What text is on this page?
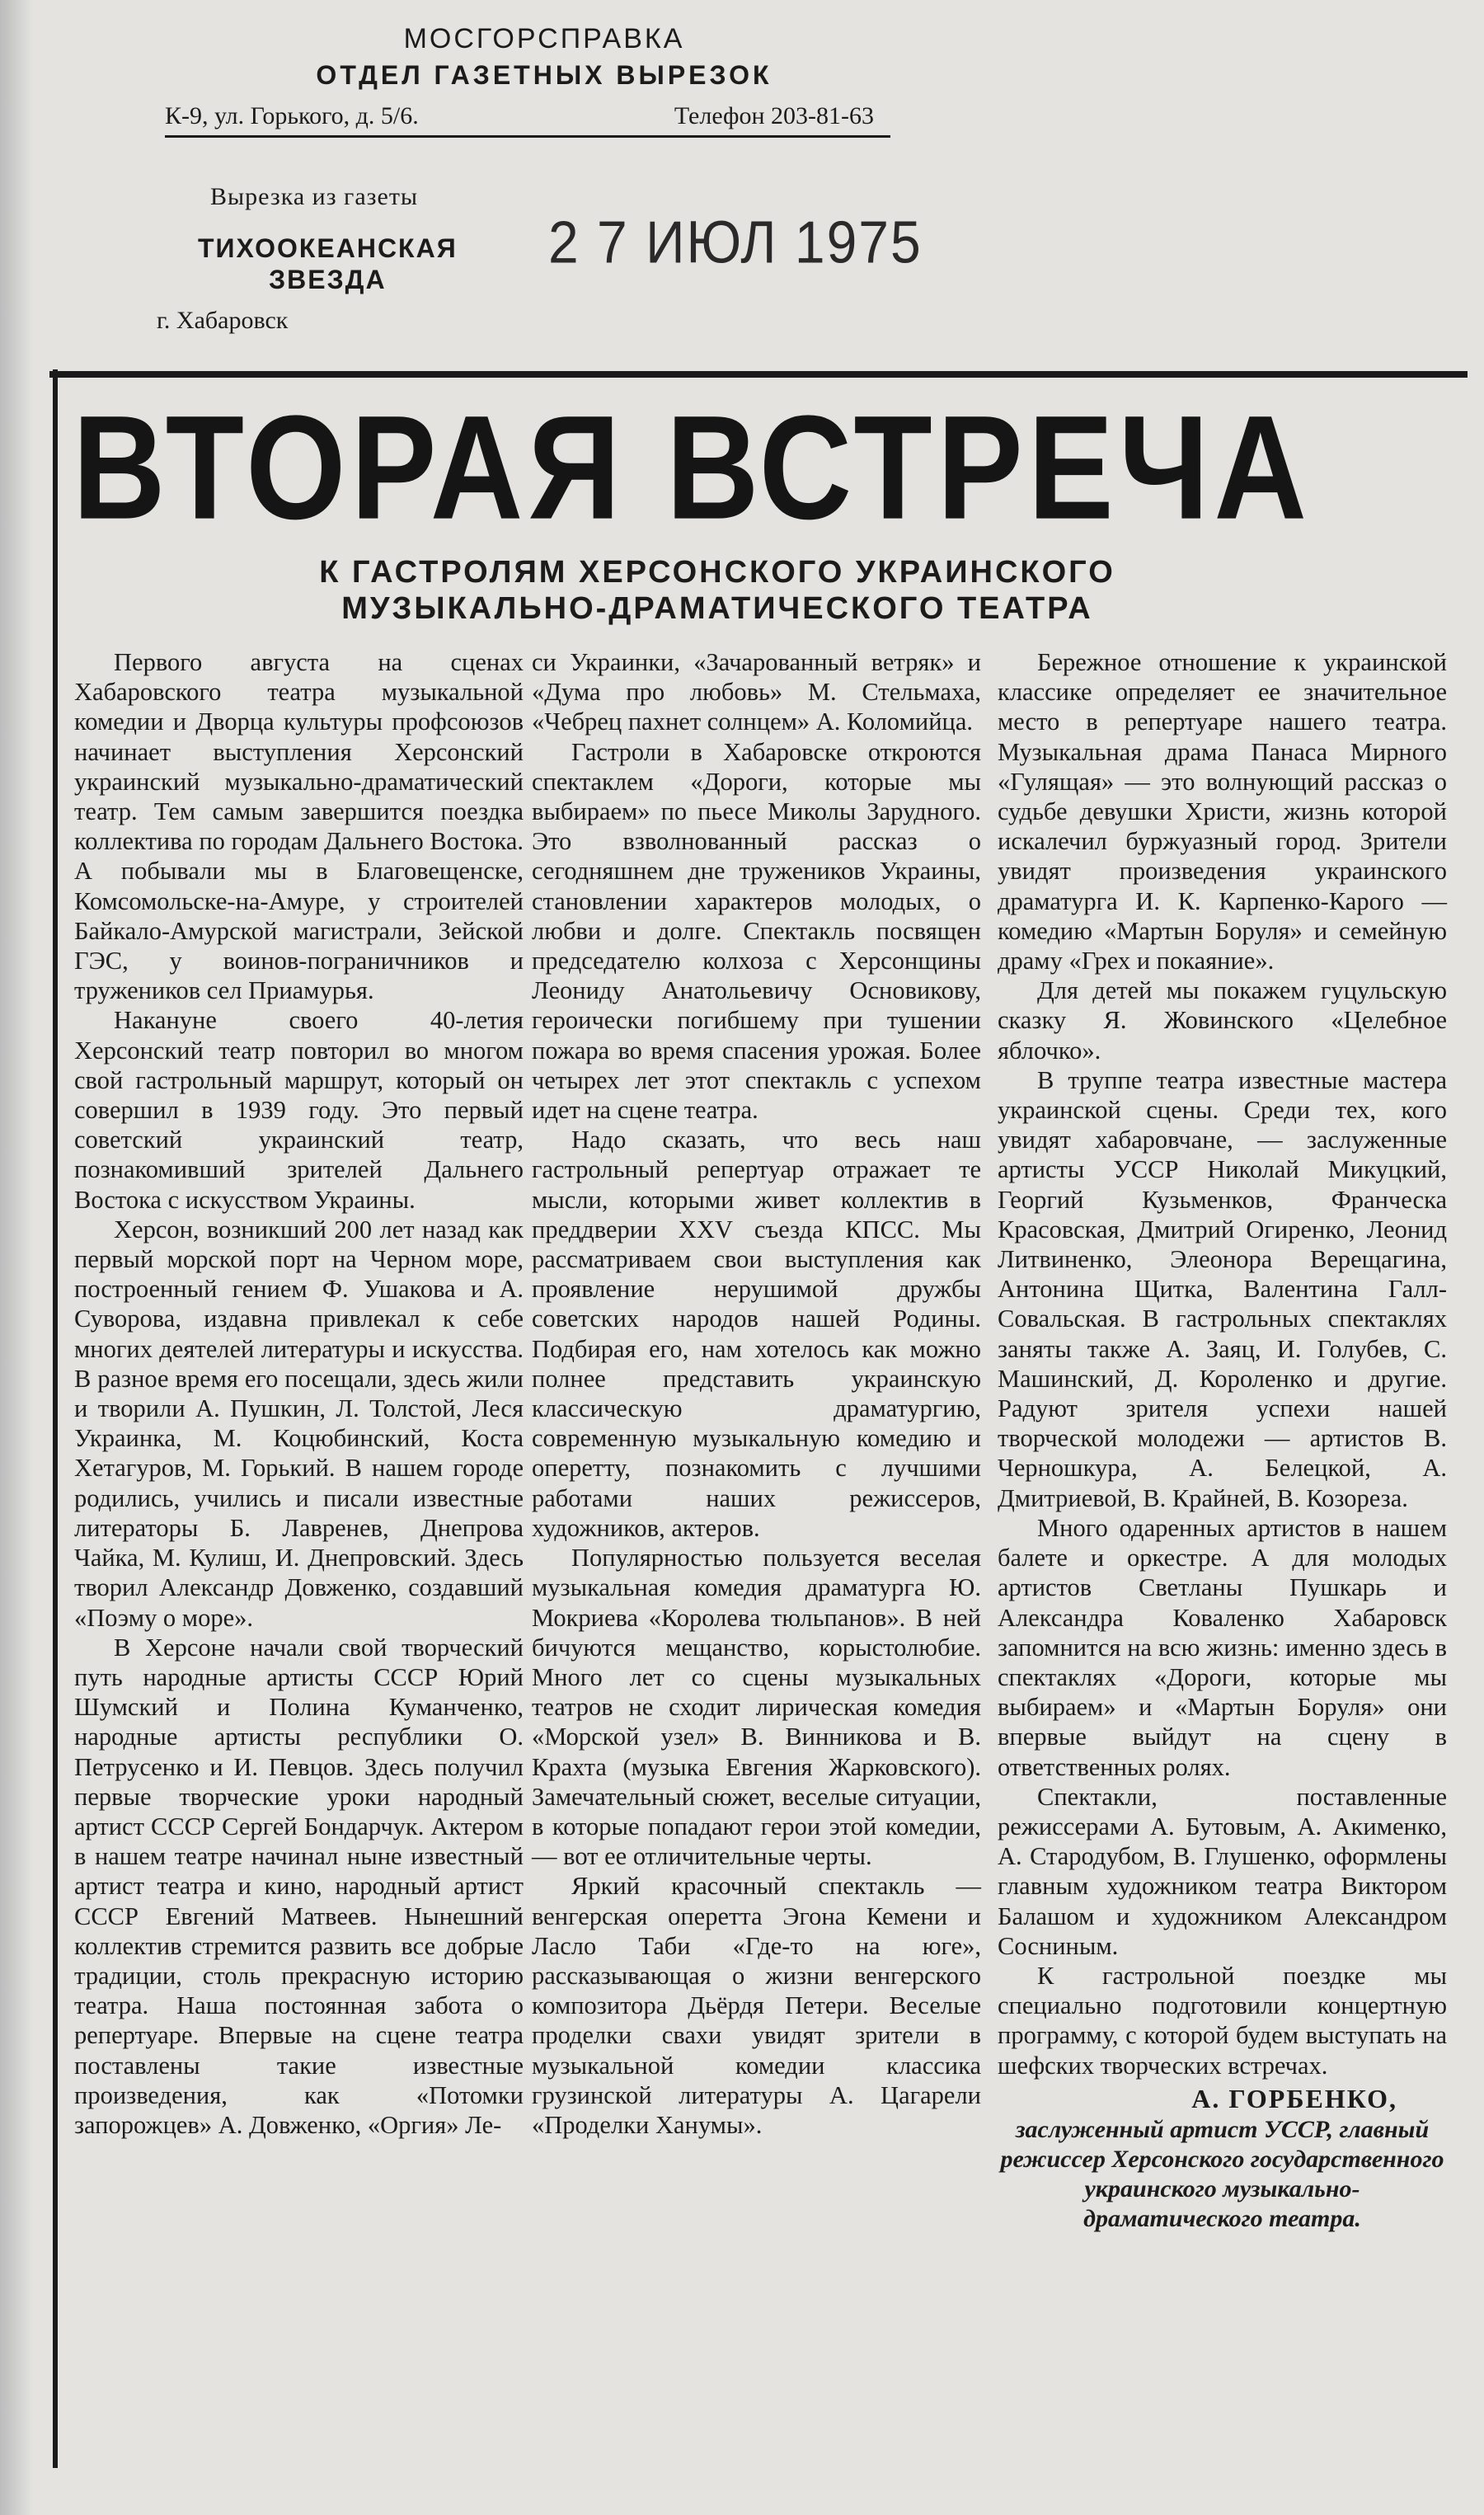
МОСГОРСПРАВКА
ОТДЕЛ ГАЗЕТНЫХ ВЫРЕЗОК
К-9, ул. Горького, д. 5/6.	Телефон 203-81-63
Вырезка из газеты
ТИХООКЕАНСКАЯ
ЗВЕЗДА
2 7 ИЮЛ 1975
г. Хабаровск
ВТОРАЯ ВСТРЕЧА
К ГАСТРОЛЯМ ХЕРСОНСКОГО УКРАИНСКОГО
МУЗЫКАЛЬНО-ДРАМАТИЧЕСКОГО ТЕАТРА

Первого августа на сценах Хабаровского театра музыкальной комедии и Дворца культуры профсоюзов начинает выступления Херсонский украинский музыкально-драматический театр. Тем самым завершится поездка коллектива по городам Дальнего Востока. А побывали мы в Благовещенске, Комсомольске-на-Амуре, у строителей Байкало-Амурской магистрали, Зейской ГЭС, у воинов-пограничников и тружеников сел Приамурья.

Накануне своего 40-летия Херсонский театр повторил во многом свой гастрольный маршрут, который он совершил в 1939 году. Это первый советский украинский театр, познакомивший зрителей Дальнего Востока с искусством Украины.

Херсон, возникший 200 лет назад как первый морской порт на Черном море, построенный гением Ф. Ушакова и А. Суворова, издавна привлекал к себе многих деятелей литературы и искусства. В разное время его посещали, здесь жили и творили А. Пушкин, Л. Толстой, Леся Украинка, М. Коцюбинский, Коста Хетагуров, М. Горький. В нашем городе родились, учились и писали известные литераторы Б. Лавренев, Днепрова Чайка, М. Кулиш, И. Днепровский. Здесь творил Александр Довженко, создавший «Поэму о море».

В Херсоне начали свой творческий путь народные артисты СССР Юрий Шумский и Полина Куманченко, народные артисты республики О. Петрусенко и И. Певцов. Здесь получил первые творческие уроки народный артист СССР Сергей Бондарчук. Актером в нашем театре начинал ныне известный артист театра и кино, народный артист СССР Евгений Матвеев. Нынешний коллектив стремится развить все добрые традиции, столь прекрасную историю театра. Наша постоянная забота о репертуаре. Впервые на сцене театра поставлены такие известные произведения, как «Потомки запорожцев» А. Довженко, «Оргия» Ле-

си Украинки, «Зачарованный ветряк» и «Дума про любовь» М. Стельмаха, «Чебрец пахнет солнцем» А. Коломийца.

Гастроли в Хабаровске откроются спектаклем «Дороги, которые мы выбираем» по пьесе Миколы Зарудного. Это взволнованный рассказ о сегодняшнем дне тружеников Украины, становлении характеров молодых, о любви и долге. Спектакль посвящен председателю колхоза с Херсонщины Леониду Анатольевичу Основикову, героически погибшему при тушении пожара во время спасения урожая. Более четырех лет этот спектакль с успехом идет на сцене театра.

Надо сказать, что весь наш гастрольный репертуар отражает те мысли, которыми живет коллектив в преддверии XXV съезда КПСС. Мы рассматриваем свои выступления как проявление нерушимой дружбы советских народов нашей Родины. Подбирая его, нам хотелось как можно полнее представить украинскую классическую драматургию, современную музыкальную комедию и оперетту, познакомить с лучшими работами наших режиссеров, художников, актеров.

Популярностью пользуется веселая музыкальная комедия драматурга Ю. Мокриева «Королева тюльпанов». В ней бичуются мещанство, корыстолюбие. Много лет со сцены музыкальных театров не сходит лирическая комедия «Морской узел» В. Винникова и В. Крахта (музыка Евгения Жарковского). Замечательный сюжет, веселые ситуации, в которые попадают герои этой комедии, — вот ее отличительные черты.

Яркий красочный спектакль — венгерская оперетта Эгона Кемени и Ласло Таби «Где-то на юге», рассказывающая о жизни венгерского композитора Дьёрдя Петери. Веселые проделки свахи увидят зрители в музыкальной комедии классика грузинской литературы А. Цагарели «Проделки Ханумы».

Бережное отношение к украинской классике определяет ее значительное место в репертуаре нашего театра. Музыкальная драма Панаса Мирного «Гулящая» — это волнующий рассказ о судьбе девушки Христи, жизнь которой искалечил буржуазный город. Зрители увидят произведения украинского драматурга И. К. Карпенко-Карого — комедию «Мартын Боруля» и семейную драму «Грех и покаяние».

Для детей мы покажем гуцульскую сказку Я. Жовинского «Целебное яблочко».

В труппе театра известные мастера украинской сцены. Среди тех, кого увидят хабаровчане, — заслуженные артисты УССР Николай Микуцкий, Георгий Кузьменков, Франческа Красовская, Дмитрий Огиренко, Леонид Литвиненко, Элеонора Верещагина, Антонина Щитка, Валентина Галл-Совальская. В гастрольных спектаклях заняты также А. Заяц, И. Голубев, С. Машинский, Д. Короленко и другие. Радуют зрителя успехи нашей творческой молодежи — артистов В. Черношкура, А. Белецкой, А. Дмитриевой, В. Крайней, В. Козореза.

Много одаренных артистов в нашем балете и оркестре. А для молодых артистов Светланы Пушкарь и Александра Коваленко Хабаровск запомнится на всю жизнь: именно здесь в спектаклях «Дороги, которые мы выбираем» и «Мартын Боруля» они впервые выйдут на сцену в ответственных ролях.

Спектакли, поставленные режиссерами А. Бутовым, А. Акименко, А. Стародубом, В. Глушенко, оформлены главным художником театра Виктором Балашом и художником Александром Сосниным.

К гастрольной поездке мы специально подготовили концертную программу, с которой будем выступать на шефских творческих встречах.

А. ГОРБЕНКО,
заслуженный артист УССР, главный режиссер Херсонского государственного украинского музыкально-драматического театра.
